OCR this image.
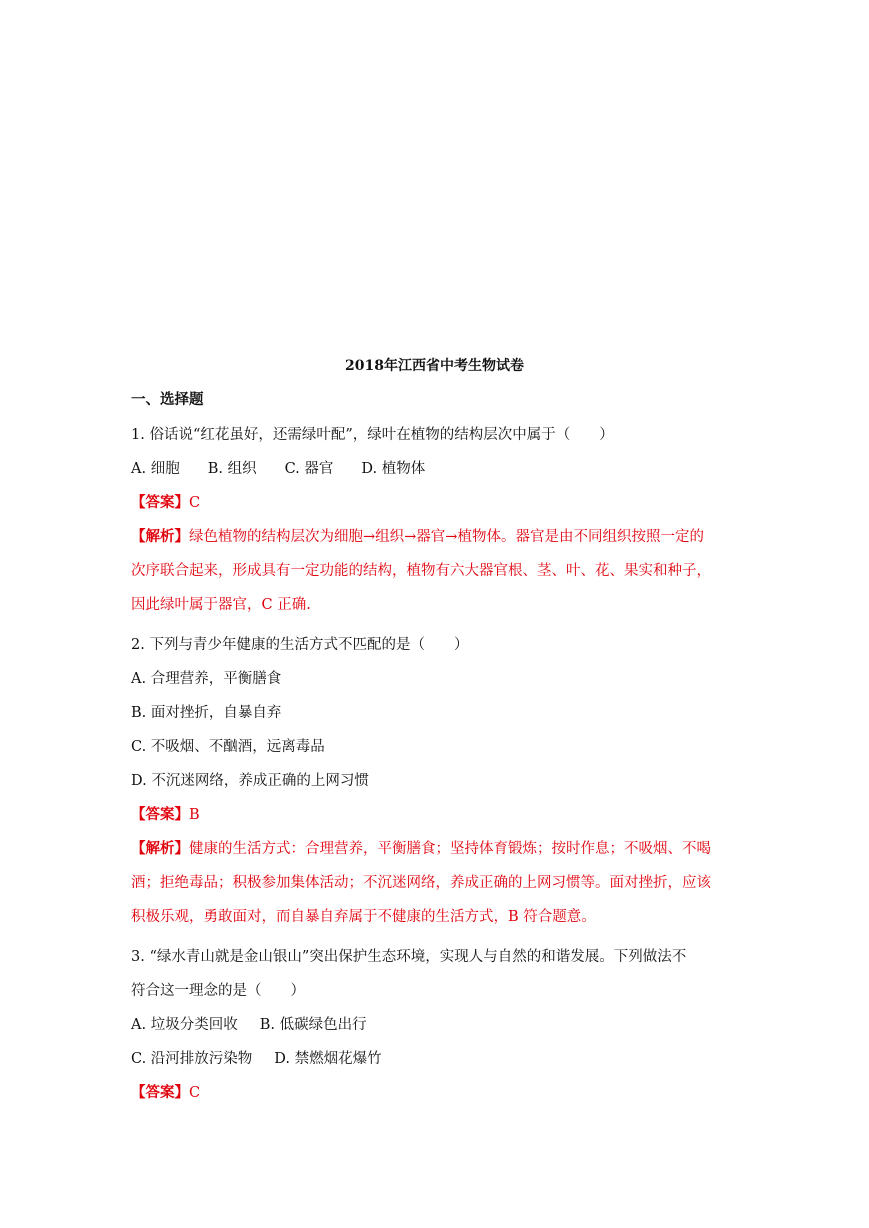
2018年江西省中考生物试卷
一、选择题
1. 俗话说“红花虽好，还需绿叶配”，绿叶在植物的结构层次中属于（　　）
A. 细胞 B. 组织 C. 器官 D. 植物体
【答案】C
【解析】绿色植物的结构层次为细胞→组织→器官→植物体。器官是由不同组织按照一定的
次序联合起来，形成具有一定功能的结构，植物有六大器官根、茎、叶、花、果实和种子，
因此绿叶属于器官，C 正确.
2. 下列与青少年健康的生活方式不匹配的是（　　）
A. 合理营养，平衡膳食
B. 面对挫折，自暴自弃
C. 不吸烟、不酗酒，远离毒品
D. 不沉迷网络，养成正确的上网习惯
【答案】B
【解析】健康的生活方式：合理营养，平衡膳食；坚持体育锻炼；按时作息；不吸烟、不喝
酒；拒绝毒品；积极参加集体活动；不沉迷网络，养成正确的上网习惯等。面对挫折，应该
积极乐观，勇敢面对，而自暴自弃属于不健康的生活方式，B 符合题意。
3. “绿水青山就是金山银山”突出保护生态环境，实现人与自然的和谐发展。下列做法不
符合这一理念的是（　　）
A. 垃圾分类回收 B. 低碳绿色出行
C. 沿河排放污染物 D. 禁燃烟花爆竹
【答案】C
